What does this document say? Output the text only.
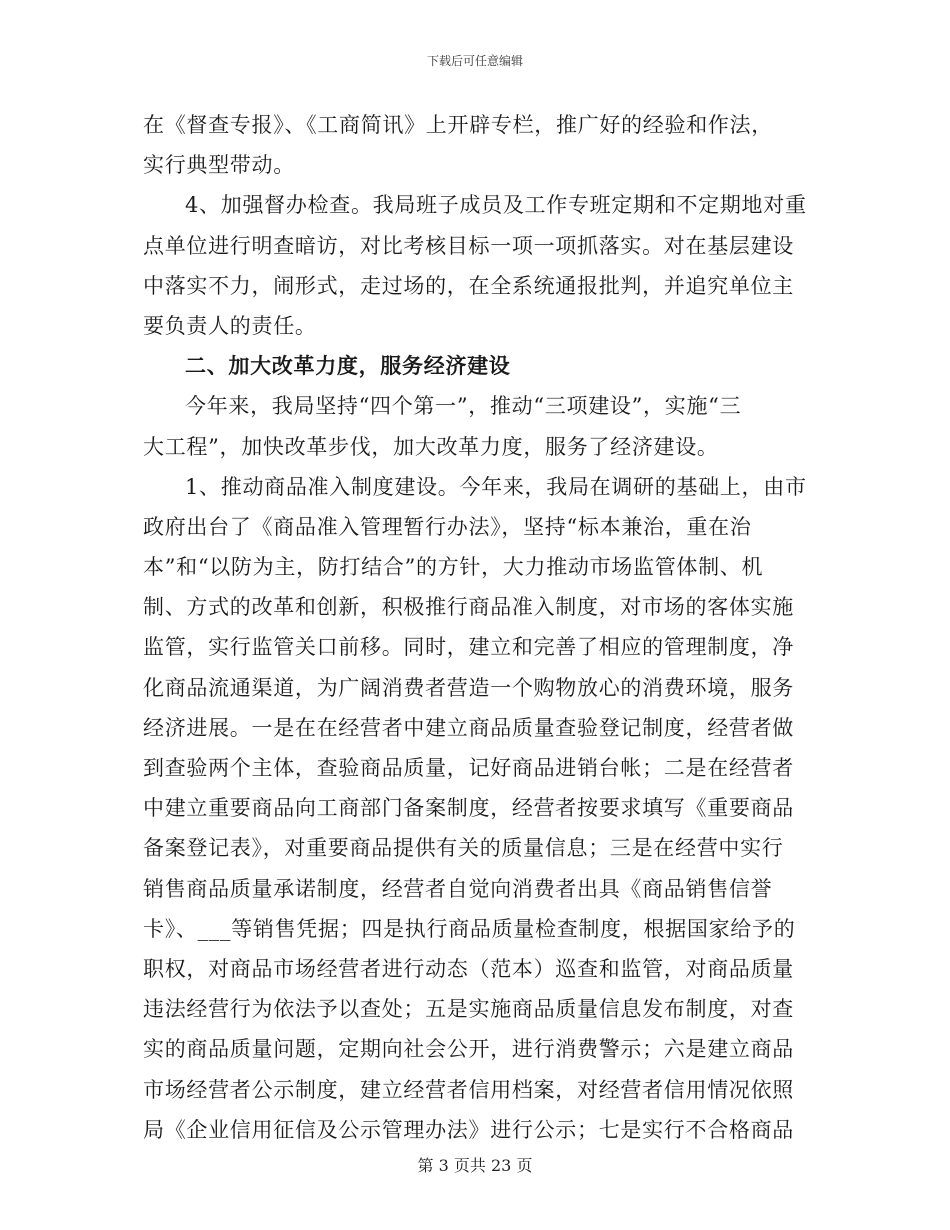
下载后可任意编辑
在《督查专报》、《工商简讯》上开辟专栏，推广好的经验和作法，
实行典型带动。
4、加强督办检查。我局班子成员及工作专班定期和不定期地对重
点单位进行明查暗访，对比考核目标一项一项抓落实。对在基层建设
中落实不力，闹形式，走过场的，在全系统通报批判，并追究单位主
要负责人的责任。
二、加大改革力度，服务经济建设
今年来，我局坚持“四个第一”，推动“三项建设”，实施“三
大工程”，加快改革步伐，加大改革力度，服务了经济建设。
1、推动商品准入制度建设。今年来，我局在调研的基础上，由市
政府出台了《商品准入管理暂行办法》，坚持“标本兼治，重在治
本”和“以防为主，防打结合”的方针，大力推动市场监管体制、机
制、方式的改革和创新，积极推行商品准入制度，对市场的客体实施
监管，实行监管关口前移。同时，建立和完善了相应的管理制度，净
化商品流通渠道，为广阔消费者营造一个购物放心的消费环境，服务
经济进展。一是在在经营者中建立商品质量查验登记制度，经营者做
到查验两个主体，查验商品质量，记好商品进销台帐；二是在经营者
中建立重要商品向工商部门备案制度，经营者按要求填写《重要商品
备案登记表》，对重要商品提供有关的质量信息；三是在经营中实行
销售商品质量承诺制度，经营者自觉向消费者出具《商品销售信誉
卡》、___等销售凭据；四是执行商品质量检查制度，根据国家给予的
职权，对商品市场经营者进行动态（范本）巡查和监管，对商品质量
违法经营行为依法予以查处；五是实施商品质量信息发布制度，对查
实的商品质量问题，定期向社会公开，进行消费警示；六是建立商品
市场经营者公示制度，建立经营者信用档案，对经营者信用情况依照
局《企业信用征信及公示管理办法》进行公示；七是实行不合格商品
第 3 页共 23 页
